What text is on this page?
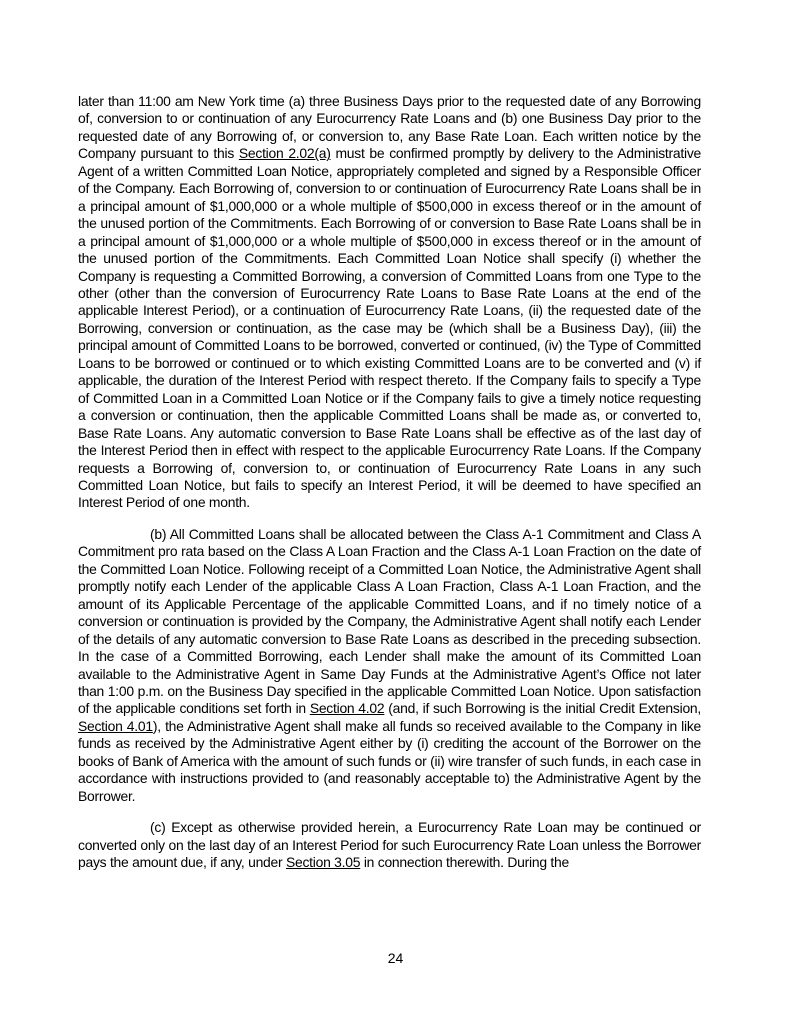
later than 11:00 am New York time (a) three Business Days prior to the requested date of any Borrowing of, conversion to or continuation of any Eurocurrency Rate Loans and (b) one Business Day prior to the requested date of any Borrowing of, or conversion to, any Base Rate Loan. Each written notice by the Company pursuant to this Section 2.02(a) must be confirmed promptly by delivery to the Administrative Agent of a written Committed Loan Notice, appropriately completed and signed by a Responsible Officer of the Company. Each Borrowing of, conversion to or continuation of Eurocurrency Rate Loans shall be in a principal amount of $1,000,000 or a whole multiple of $500,000 in excess thereof or in the amount of the unused portion of the Commitments. Each Borrowing of or conversion to Base Rate Loans shall be in a principal amount of $1,000,000 or a whole multiple of $500,000 in excess thereof or in the amount of the unused portion of the Commitments. Each Committed Loan Notice shall specify (i) whether the Company is requesting a Committed Borrowing, a conversion of Committed Loans from one Type to the other (other than the conversion of Eurocurrency Rate Loans to Base Rate Loans at the end of the applicable Interest Period), or a continuation of Eurocurrency Rate Loans, (ii) the requested date of the Borrowing, conversion or continuation, as the case may be (which shall be a Business Day), (iii) the principal amount of Committed Loans to be borrowed, converted or continued, (iv) the Type of Committed Loans to be borrowed or continued or to which existing Committed Loans are to be converted and (v) if applicable, the duration of the Interest Period with respect thereto. If the Company fails to specify a Type of Committed Loan in a Committed Loan Notice or if the Company fails to give a timely notice requesting a conversion or continuation, then the applicable Committed Loans shall be made as, or converted to, Base Rate Loans. Any automatic conversion to Base Rate Loans shall be effective as of the last day of the Interest Period then in effect with respect to the applicable Eurocurrency Rate Loans. If the Company requests a Borrowing of, conversion to, or continuation of Eurocurrency Rate Loans in any such Committed Loan Notice, but fails to specify an Interest Period, it will be deemed to have specified an Interest Period of one month.

(b) All Committed Loans shall be allocated between the Class A-1 Commitment and Class A Commitment pro rata based on the Class A Loan Fraction and the Class A-1 Loan Fraction on the date of the Committed Loan Notice. Following receipt of a Committed Loan Notice, the Administrative Agent shall promptly notify each Lender of the applicable Class A Loan Fraction, Class A-1 Loan Fraction, and the amount of its Applicable Percentage of the applicable Committed Loans, and if no timely notice of a conversion or continuation is provided by the Company, the Administrative Agent shall notify each Lender of the details of any automatic conversion to Base Rate Loans as described in the preceding subsection. In the case of a Committed Borrowing, each Lender shall make the amount of its Committed Loan available to the Administrative Agent in Same Day Funds at the Administrative Agent’s Office not later than 1:00 p.m. on the Business Day specified in the applicable Committed Loan Notice. Upon satisfaction of the applicable conditions set forth in Section 4.02 (and, if such Borrowing is the initial Credit Extension, Section 4.01), the Administrative Agent shall make all funds so received available to the Company in like funds as received by the Administrative Agent either by (i) crediting the account of the Borrower on the books of Bank of America with the amount of such funds or (ii) wire transfer of such funds, in each case in accordance with instructions provided to (and reasonably acceptable to) the Administrative Agent by the Borrower.

(c) Except as otherwise provided herein, a Eurocurrency Rate Loan may be continued or converted only on the last day of an Interest Period for such Eurocurrency Rate Loan unless the Borrower pays the amount due, if any, under Section 3.05 in connection therewith. During the

24
